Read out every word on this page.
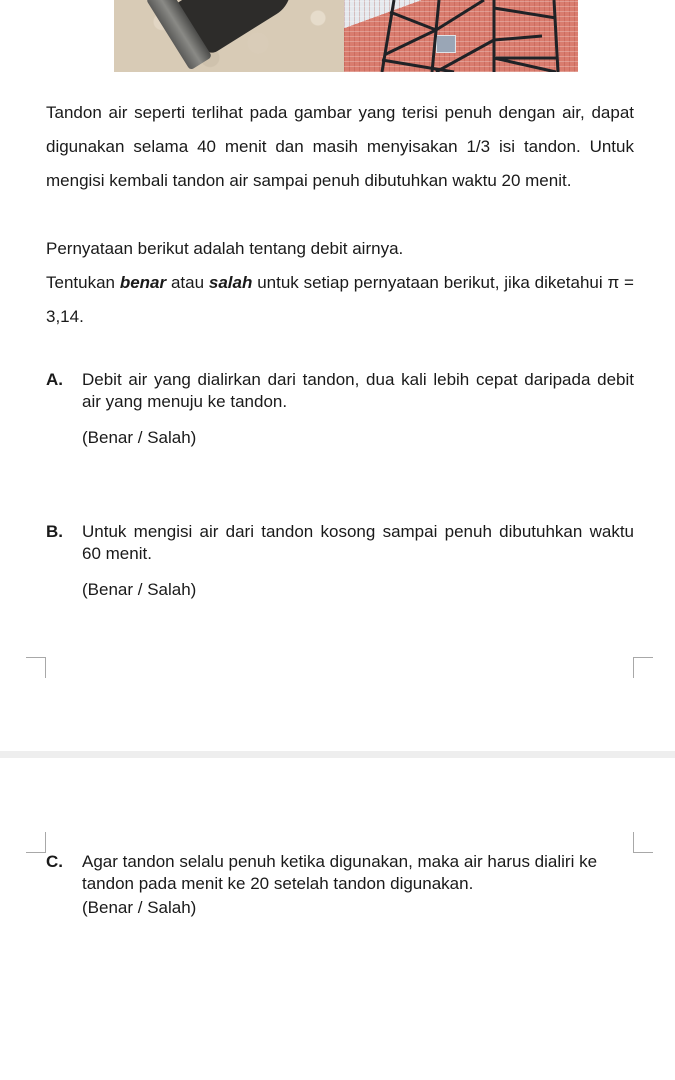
Tandon air seperti terlihat pada gambar yang terisi penuh dengan air, dapat digunakan selama 40 menit dan masih menyisakan 1/3 isi tandon. Untuk mengisi kembali tandon air sampai penuh dibutuhkan waktu 20 menit.

Pernyataan berikut adalah tentang debit airnya.

Tentukan benar atau salah untuk setiap pernyataan berikut, jika diketahui π = 3,14.

A. Debit air yang dialirkan dari tandon, dua kali lebih cepat daripada debit air yang menuju ke tandon.
(Benar / Salah)
B. Untuk mengisi air dari tandon kosong sampai penuh dibutuhkan waktu 60 menit.
(Benar / Salah)
C. Agar tandon selalu penuh ketika digunakan, maka air harus dialiri ke tandon pada menit ke 20 setelah tandon digunakan.
(Benar / Salah)
